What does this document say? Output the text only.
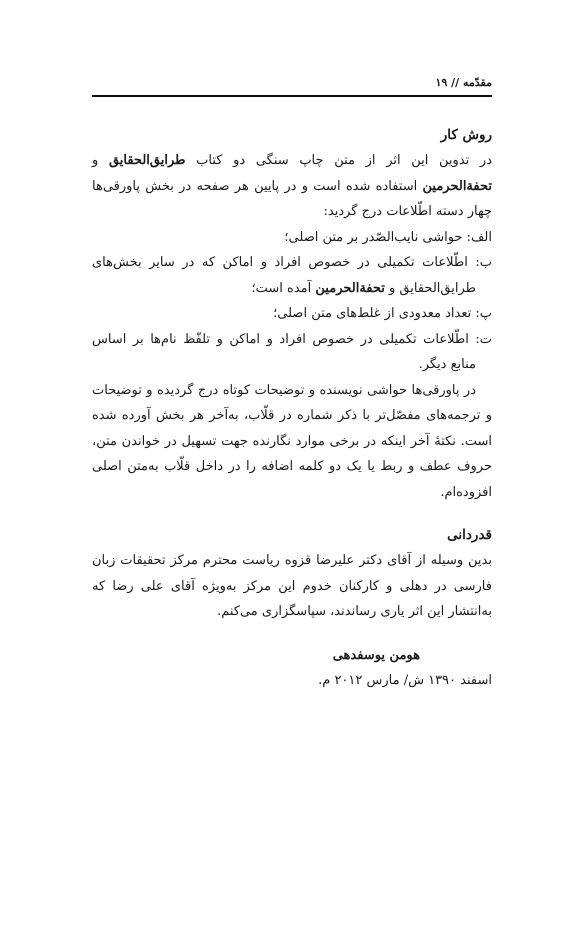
مقدّمه // ۱۹

روش کار

در تدوین این اثر از متن چاپ سنگی دو کتاب طرایق‌الحقایق و تحفة‌الحرمین استفاده شده است و در پایین هر صفحه در بخش پاورقی‌ها چهار دسته اطّلاعات درج گردید:

الف: حواشی نایب‌الصّدر بر متن اصلی؛

ب: اطّلاعات تکمیلی در خصوص افراد و اماکن که در سایر بخش‌های طرایق‌الحقایق و تحفة‌الحرمین آمده است؛

پ: تعداد معدودی از غلط‌های متن اصلی؛

ت: اطّلاعات تکمیلی در خصوص افراد و اماکن و تلفّظ نام‌ها بر اساس منابع دیگر.

در پاورقی‌ها حواشی نویسنده و توضیحات کوتاه درج گردیده و توضیحات و ترجمه‌های مفصّل‌تر با ذکر شماره در قلّاب، به‌آخر هر بخش آورده شده است. نکتهٔ آخر اینکه در برخی موارد نگارنده جهت تسهیل در خواندن متن، حروف عطف و ربط یا یک دو کلمه اضافه را در داخل قلّاب به‌متن اصلی افزوده‌ام.

قدردانی

بدین وسیله از آقای دکتر علیرضا قزوه ریاست محترم مرکز تحقیقات زبان فارسی در دهلی و کارکنان خدوم این مرکز به‌ویژه آقای علی رضا که به‌انتشار این اثر یاری رساندند، سپاسگزاری می‌کنم.

هومن یوسفدهی

اسفند ۱۳۹۰ ش/ مارس ۲۰۱۲ م.
